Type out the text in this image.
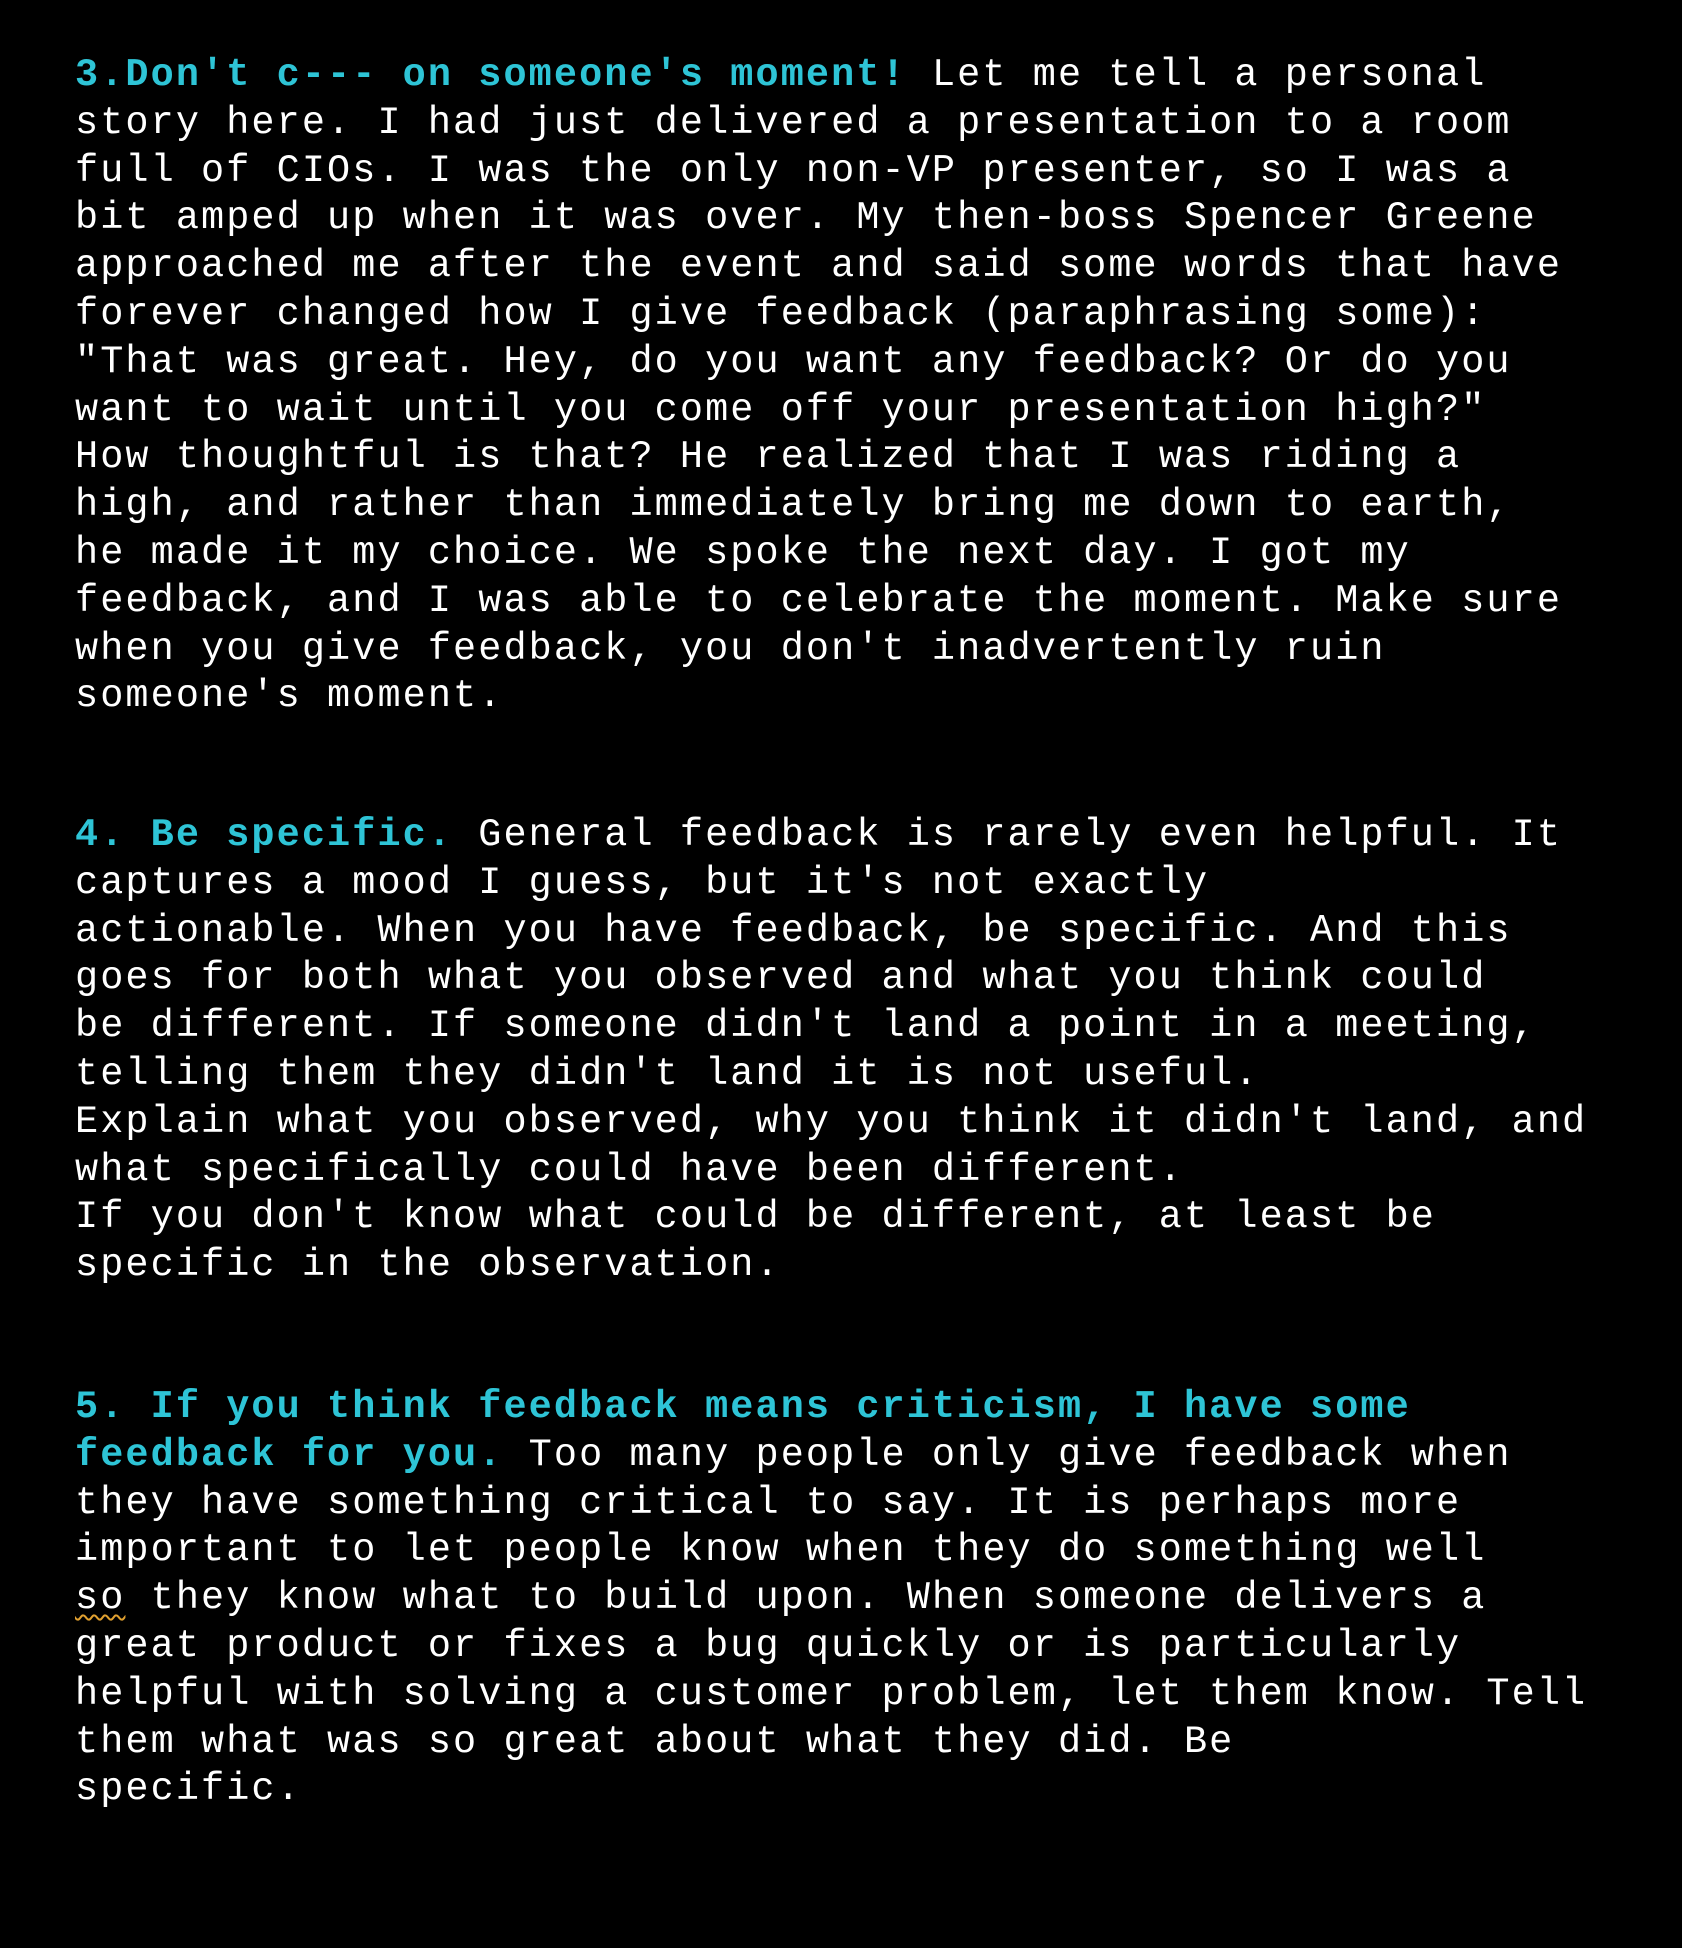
3.Don't c--- on someone's moment! Let me tell a personal
story here. I had just delivered a presentation to a room
full of CIOs. I was the only non-VP presenter, so I was a
bit amped up when it was over. My then-boss Spencer Greene
approached me after the event and said some words that have
forever changed how I give feedback (paraphrasing some):
"That was great. Hey, do you want any feedback? Or do you
want to wait until you come off your presentation high?"
How thoughtful is that? He realized that I was riding a
high, and rather than immediately bring me down to earth,
he made it my choice. We spoke the next day. I got my
feedback, and I was able to celebrate the moment. Make sure
when you give feedback, you don't inadvertently ruin
someone's moment.
4. Be specific. General feedback is rarely even helpful. It
captures a mood I guess, but it's not exactly
actionable. When you have feedback, be specific. And this
goes for both what you observed and what you think could
be different. If someone didn't land a point in a meeting,
telling them they didn't land it is not useful.
Explain what you observed, why you think it didn't land, and
what specifically could have been different.
If you don't know what could be different, at least be
specific in the observation.
5. If you think feedback means criticism, I have some
feedback for you. Too many people only give feedback when
they have something critical to say. It is perhaps more
important to let people know when they do something well
so they know what to build upon. When someone delivers a
great product or fixes a bug quickly or is particularly
helpful with solving a customer problem, let them know. Tell
them what was so great about what they did. Be
specific.
